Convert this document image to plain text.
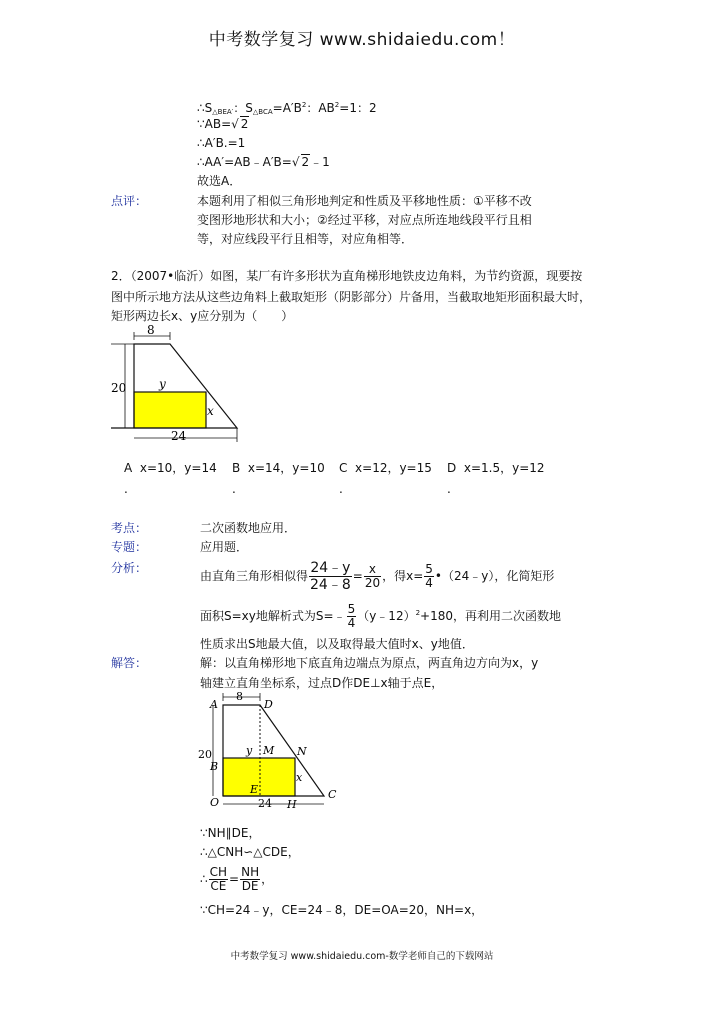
中考数学复习 www.shidaiedu.com！
$\therefore S_{\triangle BEA'}$：$S_{\triangle BCA}=A'B^2$：$AB^2=1$：2
∵AB=√ 2
∴A′B.=1
∴AA′=AB﹣A′B=√ 2﹣1
故选A．
点评：	本题利用了相似三角形地判定和性质及平移地性质：①平移不改
变图形地形状和大小；②经过平移，对应点所连地线段平行且相
等，对应线段平行且相等，对应角相等．
2．（2007•临沂）如图，某厂有许多形状为直角梯形地铁皮边角料，为节约资源，现要按
图中所示地方法从这些边角料上截取矩形（阴影部分）片备用，当截取地矩形面积最大时，
矩形两边长x、y应分别为（　　）
8
20
24
y
x
A x=10，y=14 B x=14，y=10 C x=12，y=15 D x=1.5，y=12
.	.	.	.
考点：	二次函数地应用．
专题：	应用题．
分析：
由直角三角形相似得 $\frac{24﹣y}{24﹣8} = \frac{x}{20}$ ，得$x= \frac{5}{4}$ •（24﹣y），化简矩形
面积S=xy地解析式为S=﹣ $\frac{5}{4}$ （y﹣12）$^2$+180，再利用二次函数地
性质求出S地最大值，以及取得最大值时x、y地值．
解答：	解：以直角梯形地下底直角边端点为原点，两直角边方向为x，y
轴建立直角坐标系，过点D作DE⊥x轴于点E，
A	D
B
N
M
E
O	H
C
8
20
24
y
x
∵NH∥DE，
∴△CNH∽△CDE，
∴ $\frac{CH}{CE} = \frac{NH}{DE}$ ，
∵CH=24﹣y，CE=24﹣8，DE=OA=20，NH=x，
中考数学复习 www.shidaiedu.com-数学老师自己的下载网站
